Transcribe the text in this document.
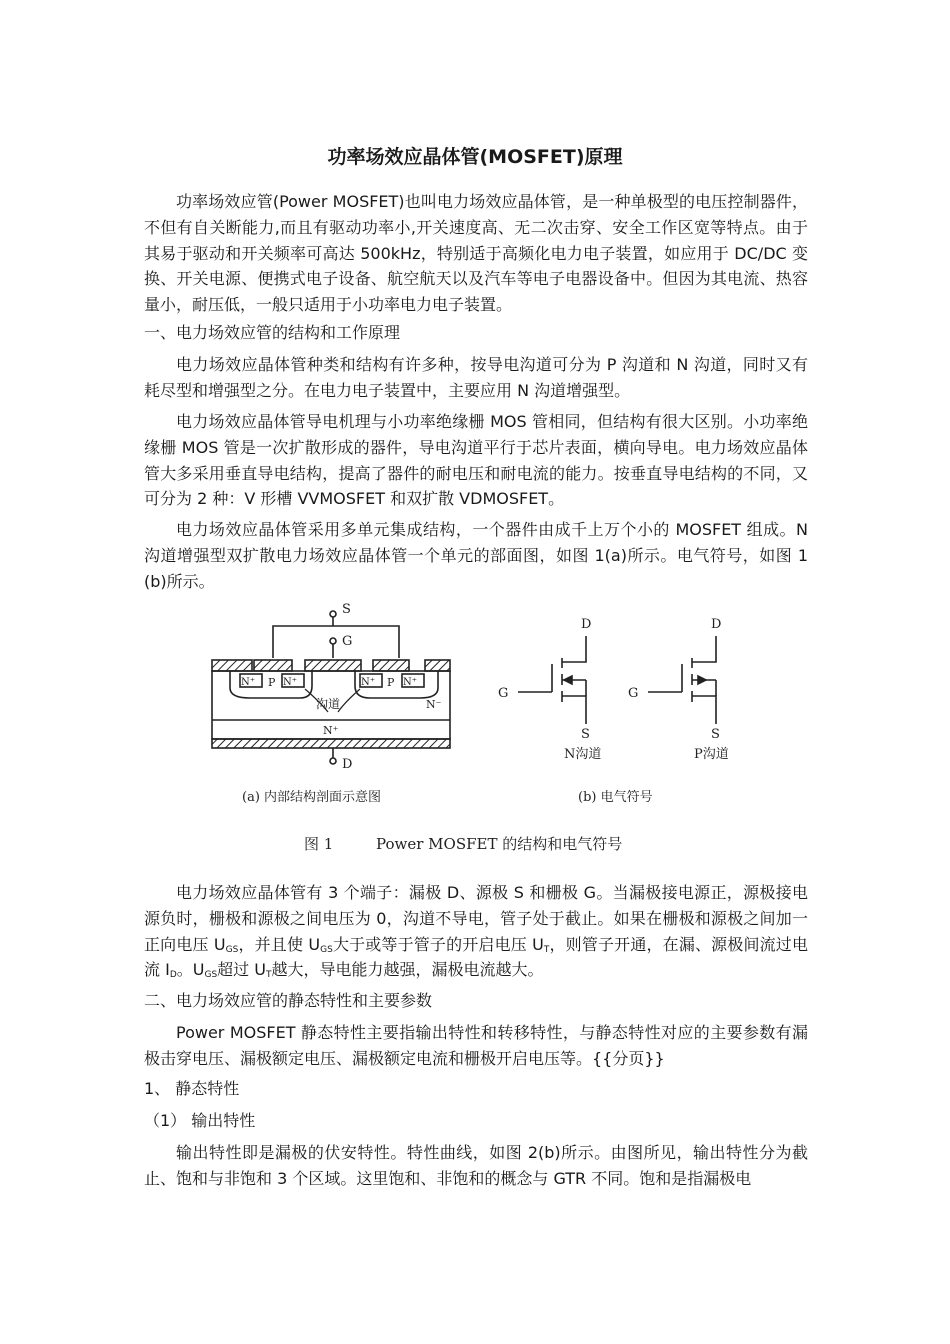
功率场效应晶体管(MOSFET)原理
功率场效应管(Power MOSFET)也叫电力场效应晶体管，是一种单极型的电压控制器件，不但有自关断能力,而且有驱动功率小,开关速度高、无二次击穿、安全工作区宽等特点。由于其易于驱动和开关频率可高达 500kHz，特别适于高频化电力电子装置，如应用于 DC/DC 变换、开关电源、便携式电子设备、航空航天以及汽车等电子电器设备中。但因为其电流、热容量小，耐压低，一般只适用于小功率电力电子装置。
一、电力场效应管的结构和工作原理
电力场效应晶体管种类和结构有许多种，按导电沟道可分为 P 沟道和 N 沟道，同时又有耗尽型和增强型之分。在电力电子装置中，主要应用 N 沟道增强型。
电力场效应晶体管导电机理与小功率绝缘栅 MOS 管相同，但结构有很大区别。小功率绝缘栅 MOS 管是一次扩散形成的器件，导电沟道平行于芯片表面，横向导电。电力场效应晶体管大多采用垂直导电结构，提高了器件的耐电压和耐电流的能力。按垂直导电结构的不同，又可分为 2 种：V 形槽 VVMOSFET 和双扩散 VDMOSFET。
电力场效应晶体管采用多单元集成结构，一个器件由成千上万个小的 MOSFET 组成。N 沟道增强型双扩散电力场效应晶体管一个单元的部面图，如图 1(a)所示。电气符号，如图 1(b)所示。
S
G
D
N⁺	N⁺	N⁺	N⁺
P	P
沟道	N⁻
N⁺
(a) 内部结构剖面示意图
D
G
S
N沟道
D
G
S
P沟道
(b) 电气符号
图 1	Power MOSFET 的结构和电气符号
电力场效应晶体管有 3 个端子：漏极 D、源极 S 和栅极 G。当漏极接电源正，源极接电源负时，栅极和源极之间电压为 0，沟道不导电，管子处于截止。如果在栅极和源极之间加一正向电压 $U_{GS}$，并且使 $U_{GS}$大于或等于管子的开启电压 $U_T$，则管子开通，在漏、源极间流过电流 $I_D$。$U_{GS}$超过 $U_T$越大，导电能力越强，漏极电流越大。
二、电力场效应管的静态特性和主要参数
Power MOSFET 静态特性主要指输出特性和转移特性，与静态特性对应的主要参数有漏极击穿电压、漏极额定电压、漏极额定电流和栅极开启电压等。{{分页}}
1、 静态特性
（1） 输出特性
输出特性即是漏极的伏安特性。特性曲线，如图 2(b)所示。由图所见，输出特性分为截止、饱和与非饱和 3 个区域。这里饱和、非饱和的概念与 GTR 不同。饱和是指漏极电
